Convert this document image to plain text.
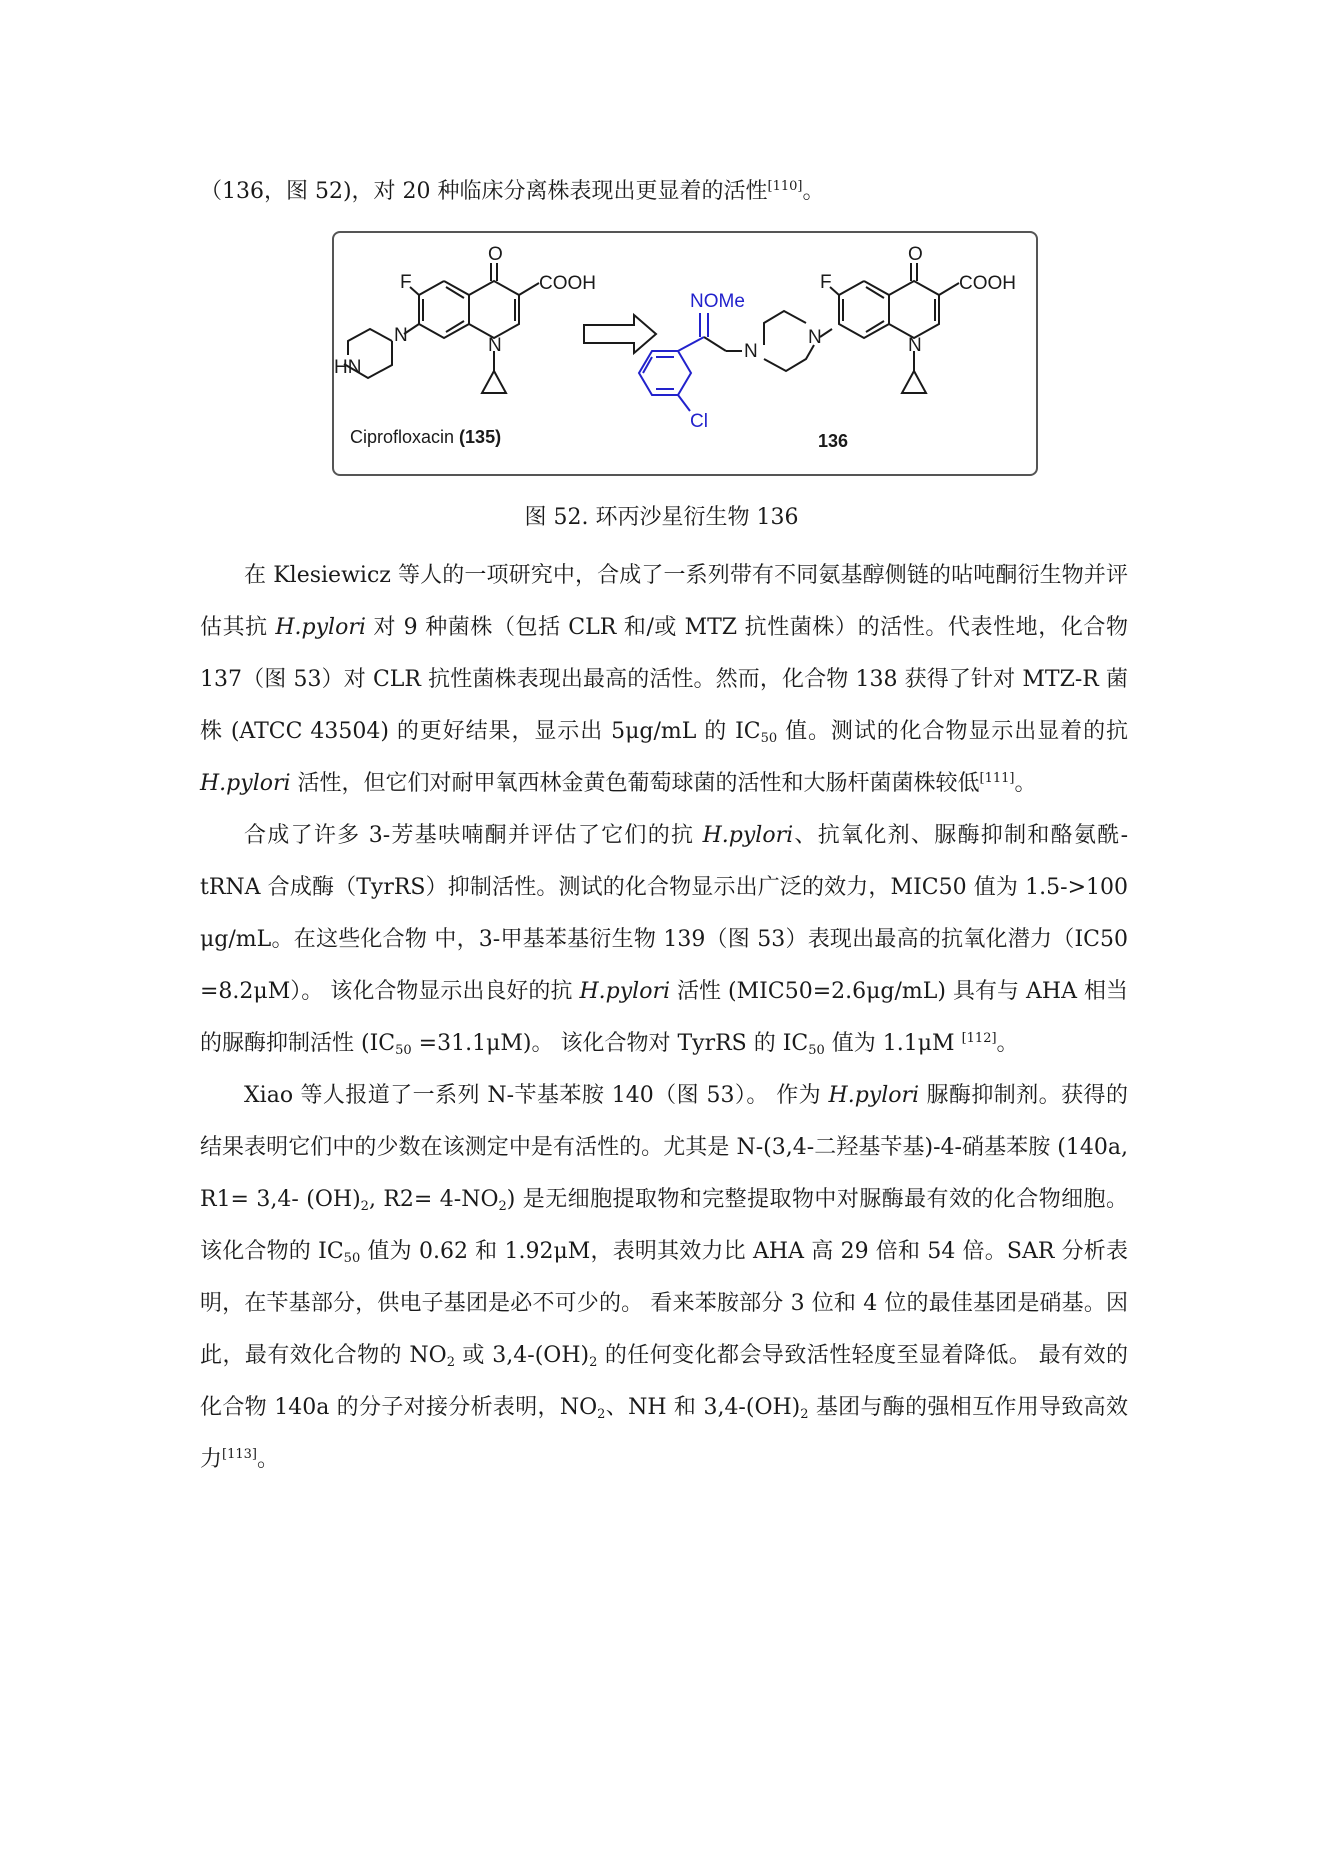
（136，图 52)，对 20 种临床分离株表现出更显着的活性[110]。

O
COOH
F
N	N
HN
Ciprofloxacin (135)
NOMe
Cl
N
N
O
COOH
F
N
136
图 52. 环丙沙星衍生物 136

在 Klesiewicz 等人的一项研究中，合成了一系列带有不同氨基醇侧链的呫吨酮衍生物并评估其抗 H.pylori 对 9 种菌株（包括 CLR 和/或 MTZ 抗性菌株）的活性。代表性地，化合物 137（图 53）对 CLR 抗性菌株表现出最高的活性。然而，化合物 138 获得了针对 MTZ-R 菌株 (ATCC 43504) 的更好结果，显示出 5μg/mL 的 $IC_{50}$ 值。测试的化合物显示出显着的抗 H.pylori 活性，但它们对耐甲氧西林金黄色葡萄球菌的活性和大肠杆菌菌株较低[111]。

合成了许多 3-芳基呋喃酮并评估了它们的抗 H.pylori、抗氧化剂、脲酶抑制和酪氨酰-tRNA 合成酶（TyrRS）抑制活性。测试的化合物显示出广泛的效力，MIC50 值为 1.5->100 μg/mL。在这些化合物 中，3-甲基苯基衍生物 139（图 53）表现出最高的抗氧化潜力（IC50 =8.2μM）。 该化合物显示出良好的抗 H.pylori 活性 (MIC50=2.6μg/mL) 具有与 AHA 相当的脲酶抑制活性 $(IC_{50} =31.1\mu M)$。 该化合物对 TyrRS 的 $IC_{50}$ 值为 1.1μM [112]。

Xiao 等人报道了一系列 N-苄基苯胺 140（图 53）。 作为 H.pylori 脲酶抑制剂。获得的结果表明它们中的少数在该测定中是有活性的。尤其是 N-(3,4-二羟基苄基)-4-硝基苯胺 (140a, R1= 3,4- $(OH)_2$, $R2= 4-NO_2$) 是无细胞提取物和完整提取物中对脲酶最有效的化合物细胞。该化合物的 $IC_{50}$ 值为 0.62 和 1.92μM，表明其效力比 AHA 高 29 倍和 54 倍。SAR 分析表明，在苄基部分，供电子基团是必不可少的。 看来苯胺部分 3 位和 4 位的最佳基团是硝基。因此，最有效化合物的 $NO_2$ 或 $3,4-(OH)_2$ 的任何变化都会导致活性轻度至显着降低。 最有效的化合物 140a 的分子对接分析表明，$NO_2$、NH 和 $3,4-(OH)_2$ 基团与酶的强相互作用导致高效力[113]。
